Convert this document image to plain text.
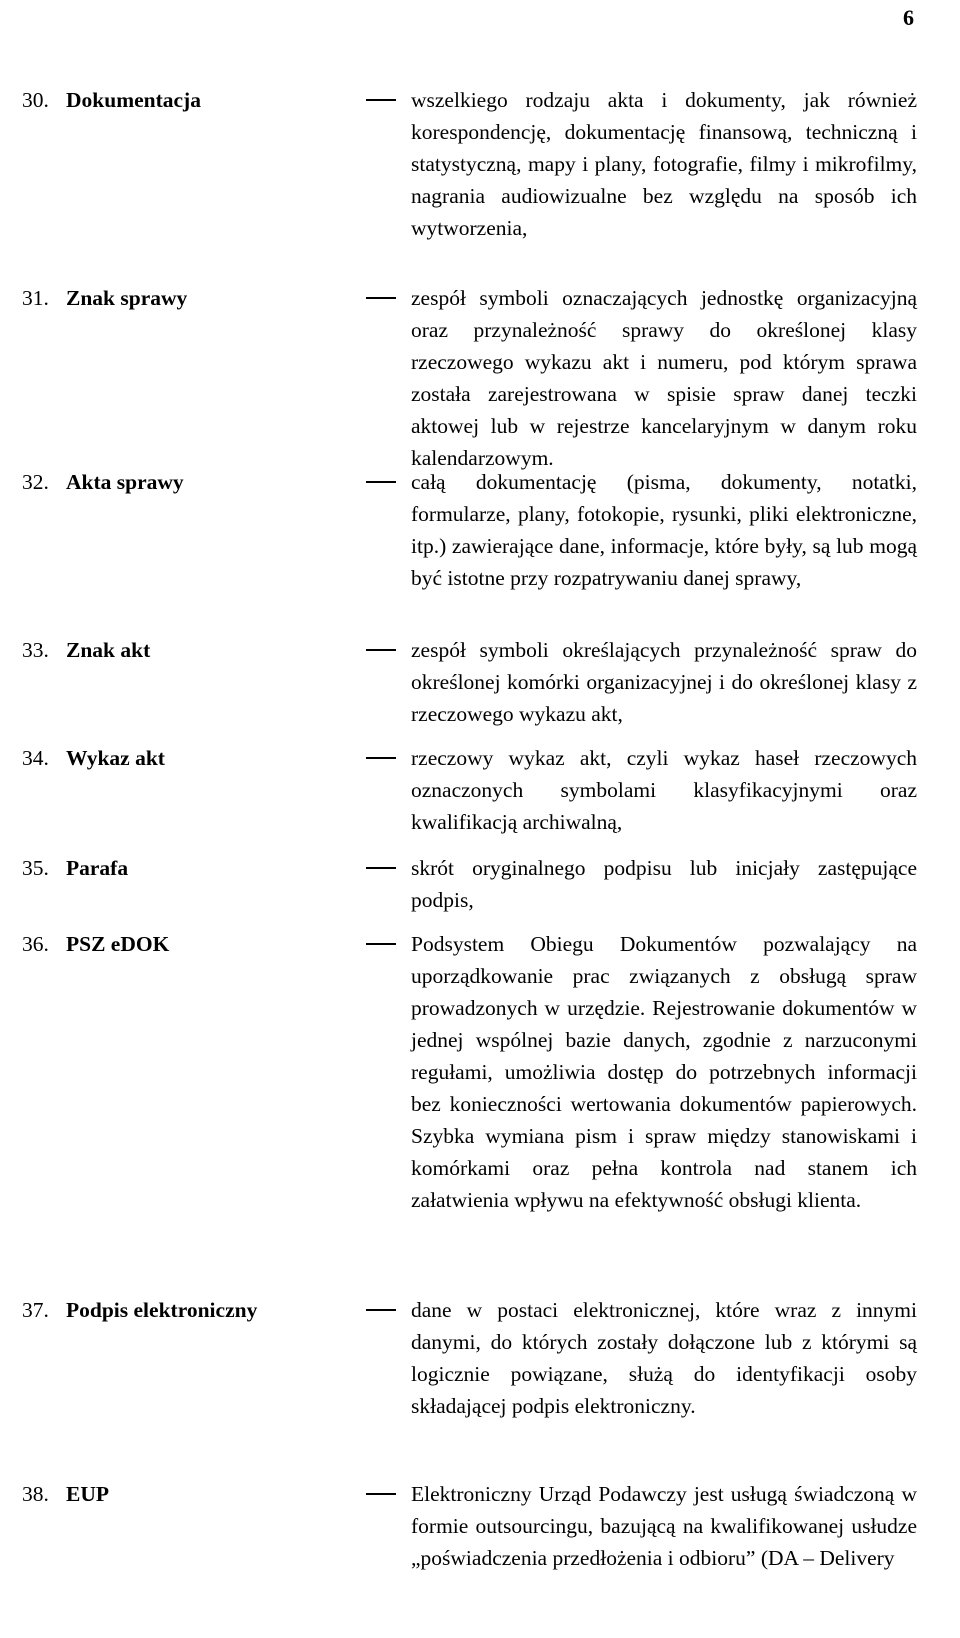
6
30. Dokumentacja	wszelkiego rodzaju akta i dokumenty, jak również korespondencję, dokumentację finansową, techniczną i statystyczną, mapy i plany, fotografie, filmy i mikrofilmy, nagrania audiowizualne bez względu na sposób ich wytworzenia,
31. Znak sprawy	zespół symboli oznaczających jednostkę organizacyjną oraz przynależność sprawy do określonej klasy rzeczowego wykazu akt i numeru, pod którym sprawa została zarejestrowana w spisie spraw danej teczki aktowej lub w rejestrze kancelaryjnym w danym roku kalendarzowym.
32. Akta sprawy	całą dokumentację (pisma, dokumenty, notatki, formularze, plany, fotokopie, rysunki, pliki elektroniczne, itp.) zawierające dane, informacje, które były, są lub mogą być istotne przy rozpatrywaniu danej sprawy,
33. Znak akt	zespół symboli określających przynależność spraw do określonej komórki organizacyjnej i do określonej klasy z rzeczowego wykazu akt,
34. Wykaz akt	rzeczowy wykaz akt, czyli wykaz haseł rzeczowych oznaczonych symbolami klasyfikacyjnymi oraz kwalifikacją archiwalną,
35. Parafa	skrót oryginalnego podpisu lub inicjały zastępujące podpis,
36. PSZ eDOK	Podsystem Obiegu Dokumentów pozwalający na uporządkowanie prac związanych z obsługą spraw prowadzonych w urzędzie. Rejestrowanie dokumentów w jednej wspólnej bazie danych, zgodnie z narzuconymi regułami, umożliwia dostęp do potrzebnych informacji bez konieczności wertowania dokumentów papierowych. Szybka wymiana pism i spraw między stanowiskami i komórkami oraz pełna kontrola nad stanem ich załatwienia wpływu na efektywność obsługi klienta.
37. Podpis elektroniczny	dane w postaci elektronicznej, które wraz z innymi danymi, do których zostały dołączone lub z którymi są logicznie powiązane, służą do identyfikacji osoby składającej podpis elektroniczny.
38. EUP	Elektroniczny Urząd Podawczy jest usługą świadczoną w formie outsourcingu, bazującą na kwalifikowanej usłudze „poświadczenia przedłożenia i odbioru” (DA – Delivery
